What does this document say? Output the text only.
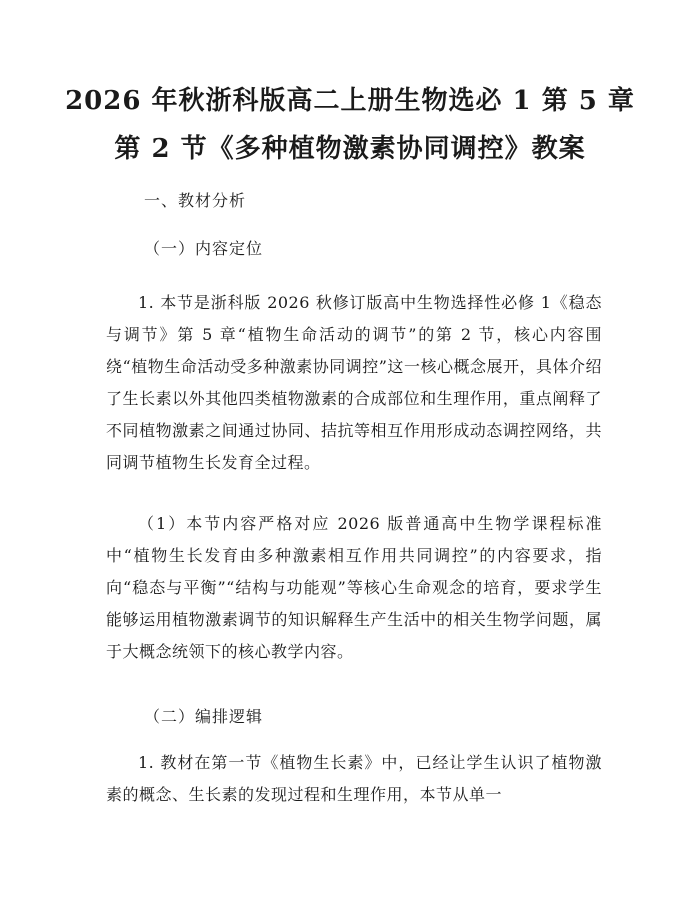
2026 年秋浙科版高二上册生物选必 1 第 5 章
第 2 节《多种植物激素协同调控》教案

一、教材分析

（一）内容定位

1. 本节是浙科版 2026 秋修订版高中生物选择性必修 1《稳态与调节》第 5 章“植物生命活动的调节”的第 2 节，核心内容围绕“植物生命活动受多种激素协同调控”这一核心概念展开，具体介绍了生长素以外其他四类植物激素的合成部位和生理作用，重点阐释了不同植物激素之间通过协同、拮抗等相互作用形成动态调控网络，共同调节植物生长发育全过程。

（1）本节内容严格对应 2026 版普通高中生物学课程标准中“植物生长发育由多种激素相互作用共同调控”的内容要求，指向“稳态与平衡”“结构与功能观”等核心生命观念的培育，要求学生能够运用植物激素调节的知识解释生产生活中的相关生物学问题，属于大概念统领下的核心教学内容。

（二）编排逻辑

1. 教材在第一节《植物生长素》中，已经让学生认识了植物激素的概念、生长素的发现过程和生理作用，本节从单一
